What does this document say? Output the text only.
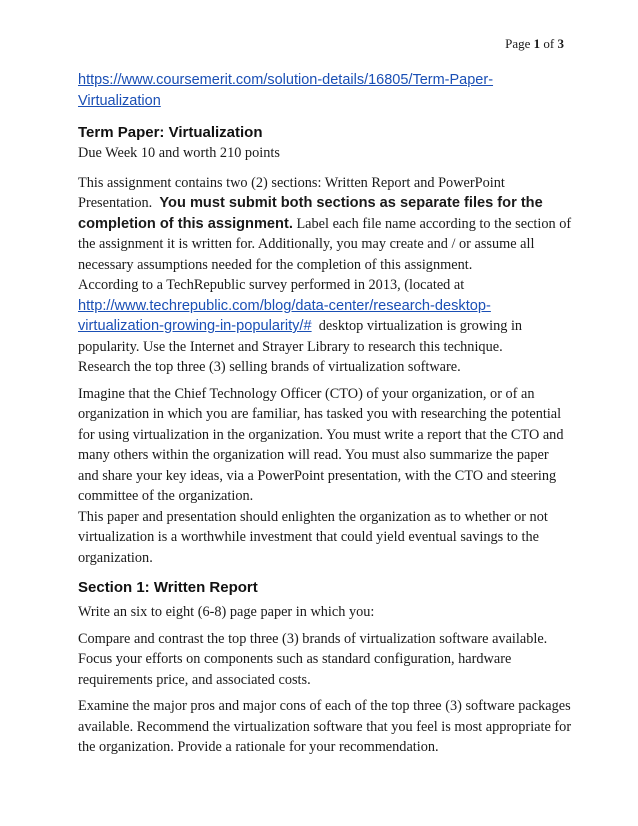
Page 1 of 3
https://www.coursemerit.com/solution-details/16805/Term-Paper-Virtualization

Term Paper: Virtualization

Due Week 10 and worth 210 points

This assignment contains two (2) sections: Written Report and PowerPoint Presentation. You must submit both sections as separate files for the completion of this assignment. Label each file name according to the section of the assignment it is written for. Additionally, you may create and / or assume all necessary assumptions needed for the completion of this assignment.
According to a TechRepublic survey performed in 2013, (located at http://www.techrepublic.com/blog/data-center/research-desktop-virtualization-growing-in-popularity/# desktop virtualization is growing in popularity. Use the Internet and Strayer Library to research this technique.
Research the top three (3) selling brands of virtualization software.

Imagine that the Chief Technology Officer (CTO) of your organization, or of an organization in which you are familiar, has tasked you with researching the potential for using virtualization in the organization. You must write a report that the CTO and many others within the organization will read. You must also summarize the paper and share your key ideas, via a PowerPoint presentation, with the CTO and steering committee of the organization.
This paper and presentation should enlighten the organization as to whether or not virtualization is a worthwhile investment that could yield eventual savings to the organization.

Section 1: Written Report

Write an six to eight (6-8) page paper in which you:

Compare and contrast the top three (3) brands of virtualization software available. Focus your efforts on components such as standard configuration, hardware requirements price, and associated costs.

Examine the major pros and major cons of each of the top three (3) software packages available. Recommend the virtualization software that you feel is most appropriate for the organization. Provide a rationale for your recommendation.
